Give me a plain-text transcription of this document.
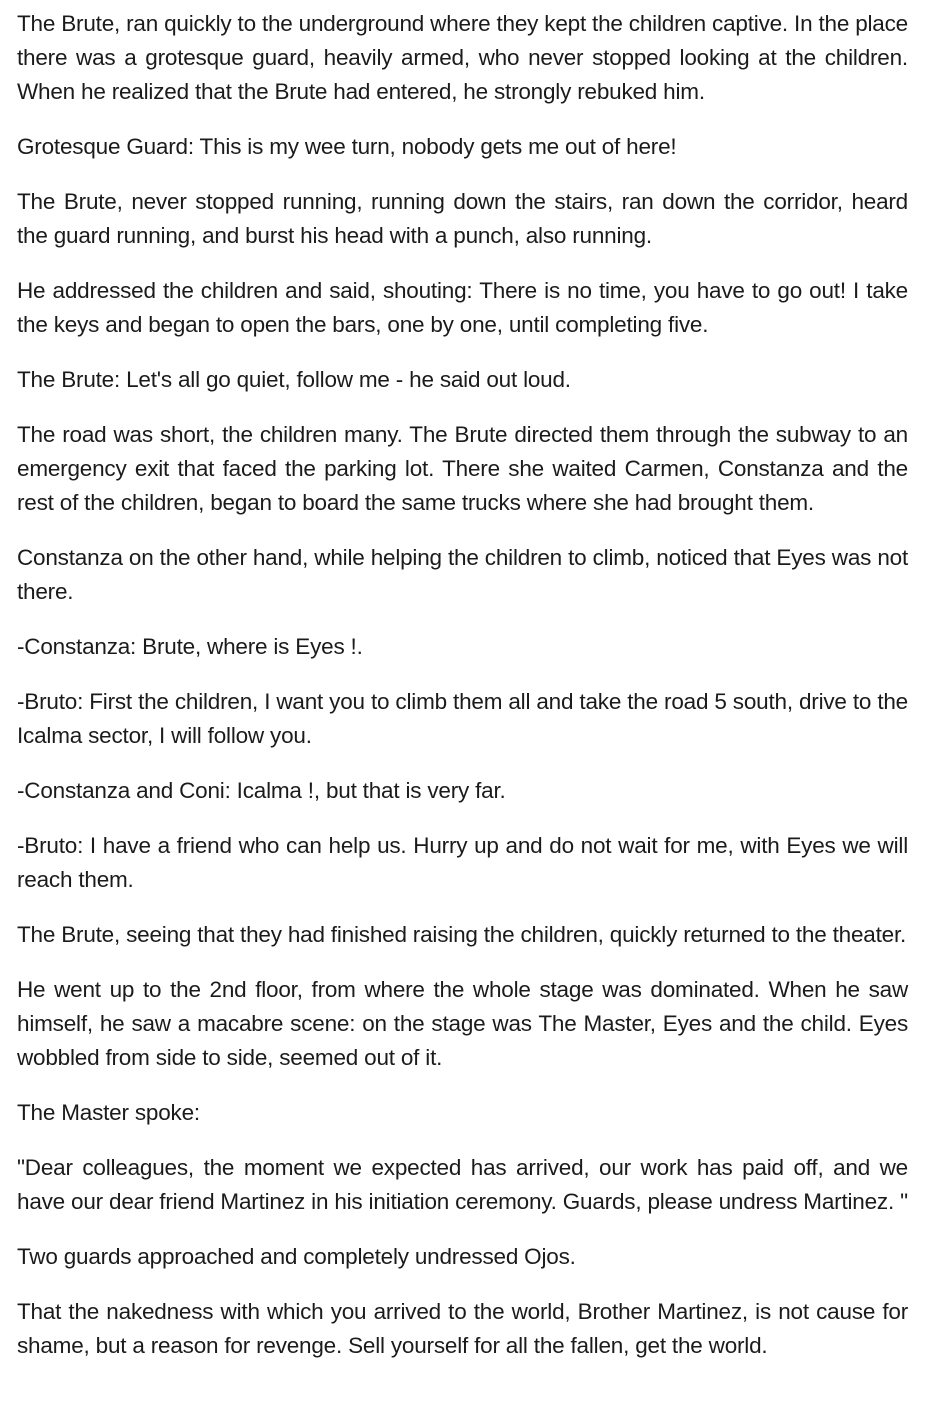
The Brute, ran quickly to the underground where they kept the children captive. In the place there was a grotesque guard, heavily armed, who never stopped looking at the children. When he realized that the Brute had entered, he strongly rebuked him.

Grotesque Guard: This is my wee turn, nobody gets me out of here!

The Brute, never stopped running, running down the stairs, ran down the corridor, heard the guard running, and burst his head with a punch, also running.

He addressed the children and said, shouting: There is no time, you have to go out! I take the keys and began to open the bars, one by one, until completing five.

The Brute: Let's all go quiet, follow me - he said out loud.

The road was short, the children many. The Brute directed them through the subway to an emergency exit that faced the parking lot. There she waited Carmen, Constanza and the rest of the children, began to board the same trucks where she had brought them.

Constanza on the other hand, while helping the children to climb, noticed that Eyes was not there.

-Constanza: Brute, where is Eyes !.

-Bruto: First the children, I want you to climb them all and take the road 5 south, drive to the Icalma sector, I will follow you.

-Constanza and Coni: Icalma !, but that is very far.

-Bruto: I have a friend who can help us. Hurry up and do not wait for me, with Eyes we will reach them.

The Brute, seeing that they had finished raising the children, quickly returned to the theater.

He went up to the 2nd floor, from where the whole stage was dominated. When he saw himself, he saw a macabre scene: on the stage was The Master, Eyes and the child. Eyes wobbled from side to side, seemed out of it.

The Master spoke:

"Dear colleagues, the moment we expected has arrived, our work has paid off, and we have our dear friend Martinez in his initiation ceremony. Guards, please undress Martinez. "

Two guards approached and completely undressed Ojos.

That the nakedness with which you arrived to the world, Brother Martinez, is not cause for shame, but a reason for revenge. Sell yourself for all the fallen, get the world.
